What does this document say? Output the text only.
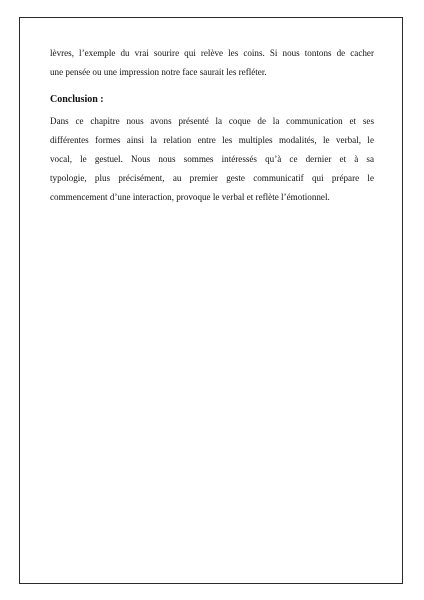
lèvres, l’exemple du vrai sourire qui relève les coins. Si nous tontons de cacher
une pensée ou une impression notre face saurait les refléter.
Conclusion :
Dans ce chapitre nous avons présenté la coque de la communication et ses
différentes formes ainsi la relation entre les multiples modalités, le verbal, le
vocal, le gestuel. Nous nous sommes intéressés qu’à ce dernier et à sa
typologie, plus précisément, au premier geste communicatif qui prépare le
commencement d’une interaction, provoque le verbal et reflète l’émotionnel.
